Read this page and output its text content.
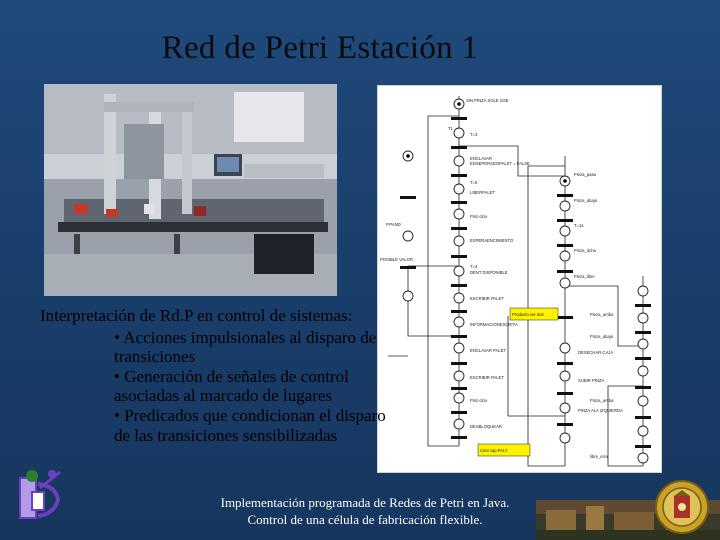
Red de Petri Estación 1
SIN PINZA SOLE GSE
T1
T=3
ENCLAVAR
ENSEPERADOPALET = FALSE
T=5
LIBERPALET
Pinz.cibo
ESPERAENCIMIENTO
P.PAND
POSIBLE VALOR
T=4
DENT DISPONIBLE
ESCRIBIR PALET
INFORMACIONESCRITA
ENCLAVAR PALET
ESCRIBIR PALET
Pinz.cibo
DESBLOQUEAR
Pieza_pasa
Pinza_abajo
T=1s
Pinza_dcha
Pieza_libre
DESECHAR CAJA
SUBIR PINZA
PINZA ALA IZQUIERDA
Pieza_arriba
Pinza_abajo
Pinza_arriba
libre_erra
Producto ver don
Cirel cap PALT

Interpretación de Rd.P en control de sistemas:

• Acciones impulsionales al disparo de transiciones

• Generación de señales de control asociadas al marcado de lugares

• Predicados que condicionan el disparo de las transiciones sensibilizadas

Implementación programada de Redes de Petri en Java.
Control de una célula de fabricación flexible.
